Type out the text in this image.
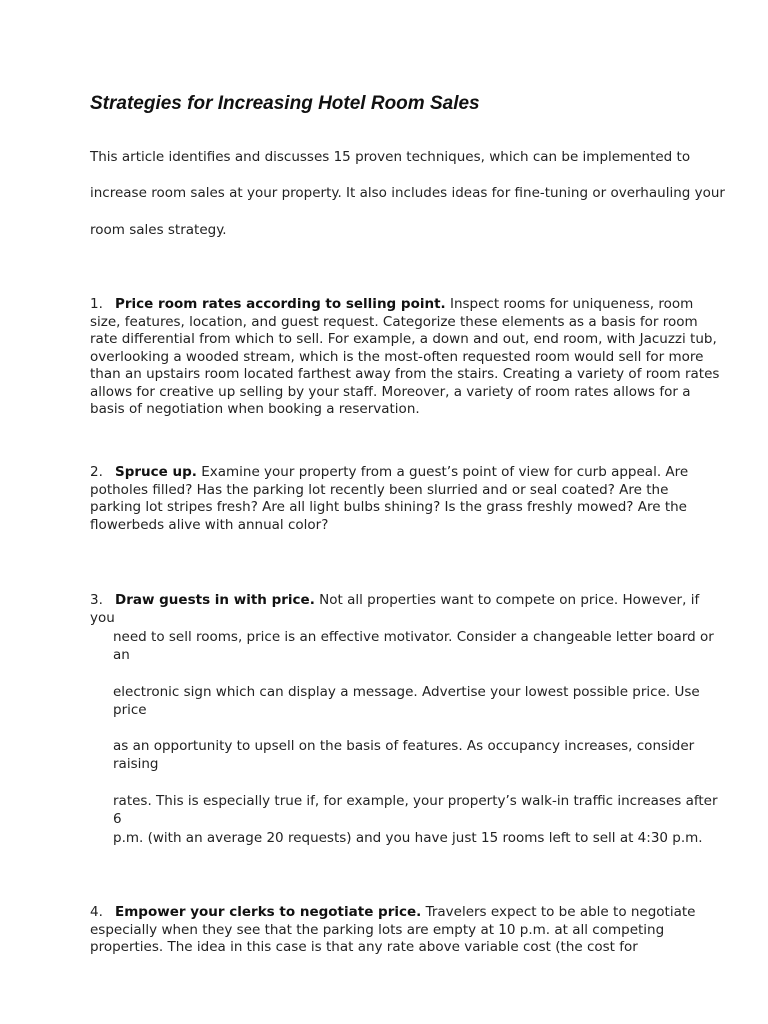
Strategies for Increasing Hotel Room Sales

This article identifies and discusses 15 proven techniques, which can be implemented to

increase room sales at your property. It also includes ideas for fine-tuning or overhauling your

room sales strategy.

1. Price room rates according to selling point. Inspect rooms for uniqueness, room size, features, location, and guest request. Categorize these elements as a basis for room rate differential from which to sell. For example, a down and out, end room, with Jacuzzi tub, overlooking a wooded stream, which is the most-often requested room would sell for more than an upstairs room located farthest away from the stairs. Creating a variety of room rates allows for creative up selling by your staff. Moreover, a variety of room rates allows for a basis of negotiation when booking a reservation.

2. Spruce up. Examine your property from a guest’s point of view for curb appeal. Are potholes filled? Has the parking lot recently been slurried and or seal coated? Are the parking lot stripes fresh? Are all light bulbs shining? Is the grass freshly mowed? Are the flowerbeds alive with annual color?

3. Draw guests in with price. Not all properties want to compete on price. However, if you

need to sell rooms, price is an effective motivator. Consider a changeable letter board or an

electronic sign which can display a message. Advertise your lowest possible price. Use price

as an opportunity to upsell on the basis of features. As occupancy increases, consider raising

rates. This is especially true if, for example, your property’s walk-in traffic increases after 6

p.m. (with an average 20 requests) and you have just 15 rooms left to sell at 4:30 p.m.

4. Empower your clerks to negotiate price. Travelers expect to be able to negotiate especially when they see that the parking lots are empty at 10 p.m. at all competing properties. The idea in this case is that any rate above variable cost (the cost for
